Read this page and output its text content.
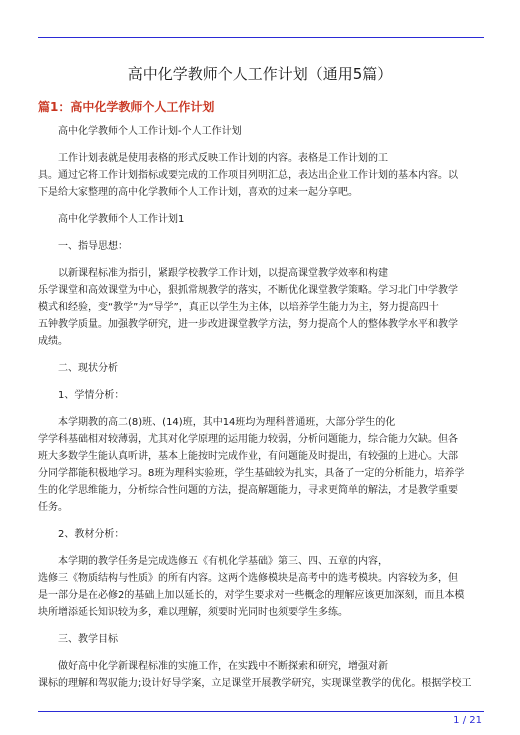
高中化学教师个人工作计划（通用5篇）
篇1：高中化学教师个人工作计划

高中化学教师个人工作计划-个人工作计划

工作计划表就是使用表格的形式反映工作计划的内容。表格是工作计划的工

具。通过它将工作计划指标或要完成的工作项目列明汇总，表达出企业工作计划的基本内容。以

下是给大家整理的高中化学教师个人工作计划，喜欢的过来一起分享吧。

高中化学教师个人工作计划1

一、指导思想：

以新课程标准为指引，紧跟学校教学工作计划，以提高课堂教学效率和构建

乐学课堂和高效课堂为中心，狠抓常规教学的落实，不断优化课堂教学策略。学习北门中学教学

模式和经验，变“教学”为“导学”，真正以学生为主体，以培养学生能力为主，努力提高四十

五钟教学质量。加强教学研究，进一步改进课堂教学方法，努力提高个人的整体教学水平和教学

成绩。

二、现状分析

1、学情分析：

本学期教的高二(8)班、(14)班，其中14班均为理科普通班，大部分学生的化

学学科基础相对较薄弱，尤其对化学原理的运用能力较弱，分析问题能力，综合能力欠缺。但各

班大多数学生能认真听讲，基本上能按时完成作业，有问题能及时提出，有较强的上进心。大部

分同学都能积极地学习。8班为理科实验班，学生基础较为扎实，具备了一定的分析能力，培养学

生的化学思维能力，分析综合性问题的方法，提高解题能力，寻求更简单的解法，才是教学重要

任务。

2、教材分析：

本学期的教学任务是完成选修五《有机化学基础》第三、四、五章的内容，

选修三《物质结构与性质》的所有内容。这两个选修模块是高考中的选考模块。内容较为多，但

是一部分是在必修2的基础上加以延长的，对学生要求对一些概念的理解应该更加深刻，而且本模

块所增添延长知识较为多，难以理解，须要时光同时也须要学生多练。

三、教学目标

做好高中化学新课程标准的实施工作，在实践中不断探索和研究，增强对新

课标的理解和驾驭能力;设计好导学案，立足课堂开展教学研究，实现课堂教学的优化。根据学校工

1 / 21
